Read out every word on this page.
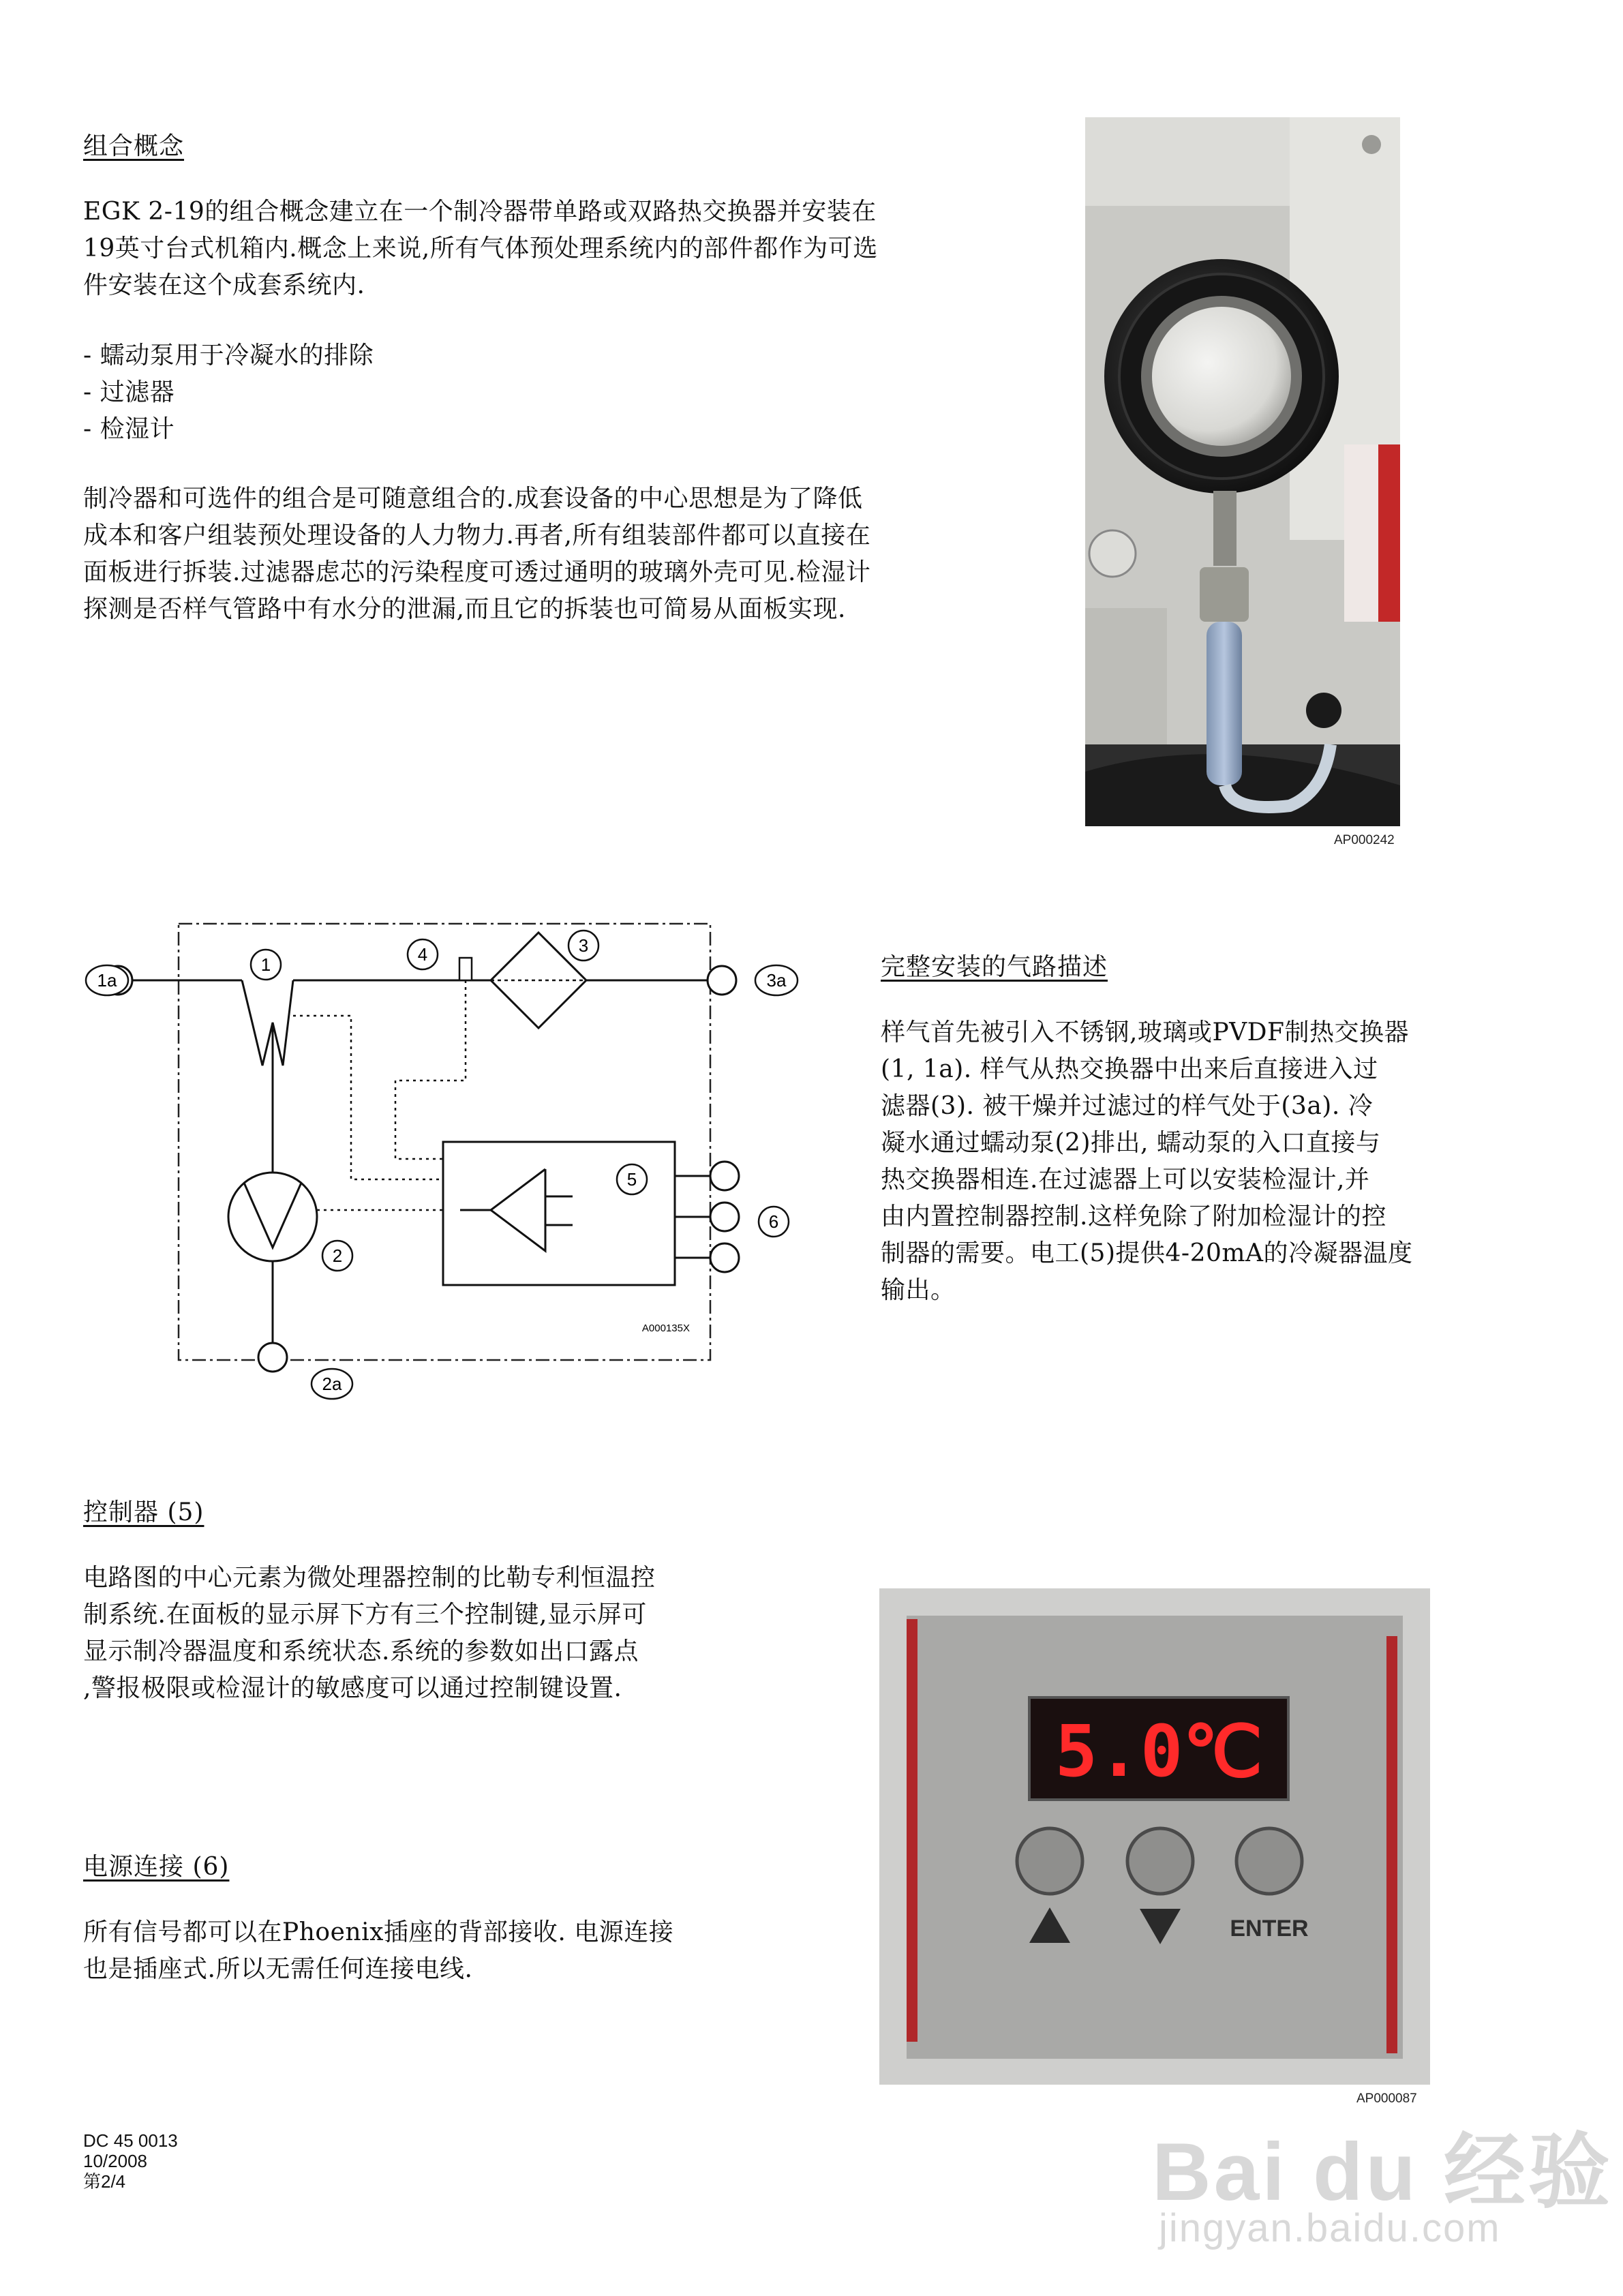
组合概念
EGK 2-19的组合概念建立在一个制冷器带单路或双路热交换器并安装在
19英寸台式机箱内.概念上来说,所有气体预处理系统内的部件都作为可选
件安装在这个成套系统内.
- 蠕动泵用于冷凝水的排除
- 过滤器
- 检湿计
制冷器和可选件的组合是可随意组合的.成套设备的中心思想是为了降低
成本和客户组装预处理设备的人力物力.再者,所有组装部件都可以直接在
面板进行拆装.过滤器虑芯的污染程度可透过通明的玻璃外壳可见.检湿计
探测是否样气管路中有水分的泄漏,而且它的拆装也可简易从面板实现.
AP000242
1a
1	4	3
5
2
2a
A000135X
3a
6
完整安装的气路描述
样气首先被引入不锈钢,玻璃或PVDF制热交换器
(1, 1a). 样气从热交换器中出来后直接进入过
滤器(3). 被干燥并过滤过的样气处于(3a). 冷
凝水通过蠕动泵(2)排出, 蠕动泵的入口直接与
热交换器相连.在过滤器上可以安装检湿计,并
由内置控制器控制.这样免除了附加检湿计的控
制器的需要。电工(5)提供4-20mA的冷凝器温度
输出。
控制器 (5)
电路图的中心元素为微处理器控制的比勒专利恒温控
制系统.在面板的显示屏下方有三个控制键,显示屏可
显示制冷器温度和系统状态.系统的参数如出口露点
,警报极限或检湿计的敏感度可以通过控制键设置.
5.0℃
ENTER
AP000087
电源连接 (6)
所有信号都可以在Phoenix插座的背部接收. 电源连接
也是插座式.所以无需任何连接电线.
DC 45 0013
10/2008
第2/4	Bai du 经验
jingyan.baidu.com
